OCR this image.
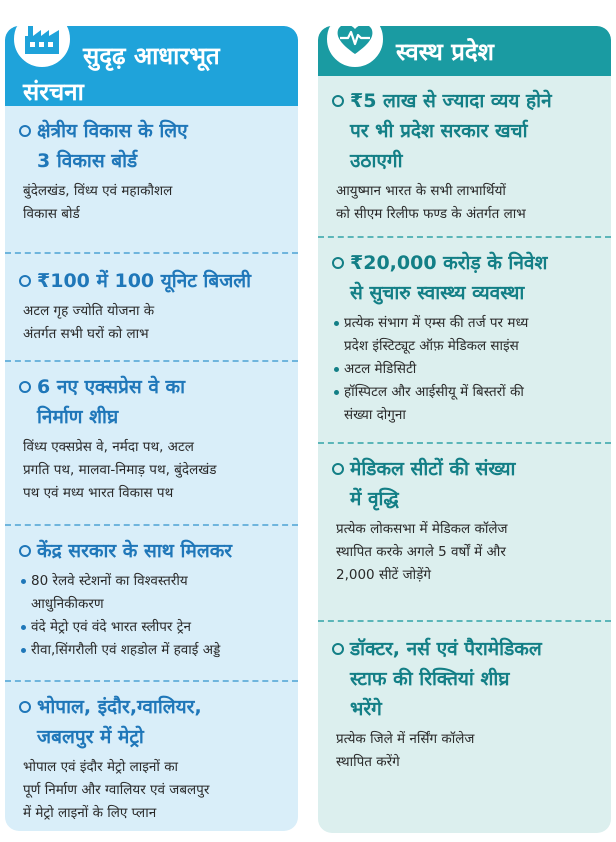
सुदृढ़ आधारभूत
संरचना
क्षेत्रीय विकास के लिए
3 विकास बोर्ड
बुंदेलखंड, विंध्य एवं महाकौशल
विकास बोर्ड
₹100 में 100 यूनिट बिजली
अटल गृह ज्योति योजना के
अंतर्गत सभी घरों को लाभ
6 नए एक्सप्रेस वे का
निर्माण शीघ्र
विंध्य एक्सप्रेस वे, नर्मदा पथ, अटल
प्रगति पथ, मालवा-निमाड़ पथ, बुंदेलखंड
पथ एवं मध्य भारत विकास पथ
केंद्र सरकार के साथ मिलकर
80 रेलवे स्टेशनों का विश्वस्तरीय
आधुनिकीकरण
वंदे मेट्रो एवं वंदे भारत स्लीपर ट्रेन
रीवा,सिंगरौली एवं शहडोल में हवाई अड्डे
भोपाल, इंदौर,ग्वालियर,
जबलपुर में मेट्रो
भोपाल एवं इंदौर मेट्रो लाइनों का
पूर्ण निर्माण और ग्वालियर एवं जबलपुर
में मेट्रो लाइनों के लिए प्लान
स्वस्थ प्रदेश
₹5 लाख से ज्यादा व्यय होने
पर भी प्रदेश सरकार खर्चा
उठाएगी
आयुष्मान भारत के सभी लाभार्थियों
को सीएम रिलीफ फण्ड के अंतर्गत लाभ
₹20,000 करोड़ के निवेश
से सुचारु स्वास्थ्य व्यवस्था
प्रत्येक संभाग में एम्स की तर्ज पर मध्य
प्रदेश इंस्टिट्यूट ऑफ़ मेडिकल साइंस
अटल मेडिसिटी
हॉस्पिटल और आईसीयू में बिस्तरों की
संख्या दोगुना
मेडिकल सीटों की संख्या
में वृद्धि
प्रत्येक लोकसभा में मेडिकल कॉलेज
स्थापित करके अगले 5 वर्षों में और
2,000 सीटें जोड़ेंगे
डॉक्टर, नर्स एवं पैरामेडिकल
स्टाफ की रिक्तियां शीघ्र
भरेंगे
प्रत्येक जिले में नर्सिंग कॉलेज
स्थापित करेंगे
